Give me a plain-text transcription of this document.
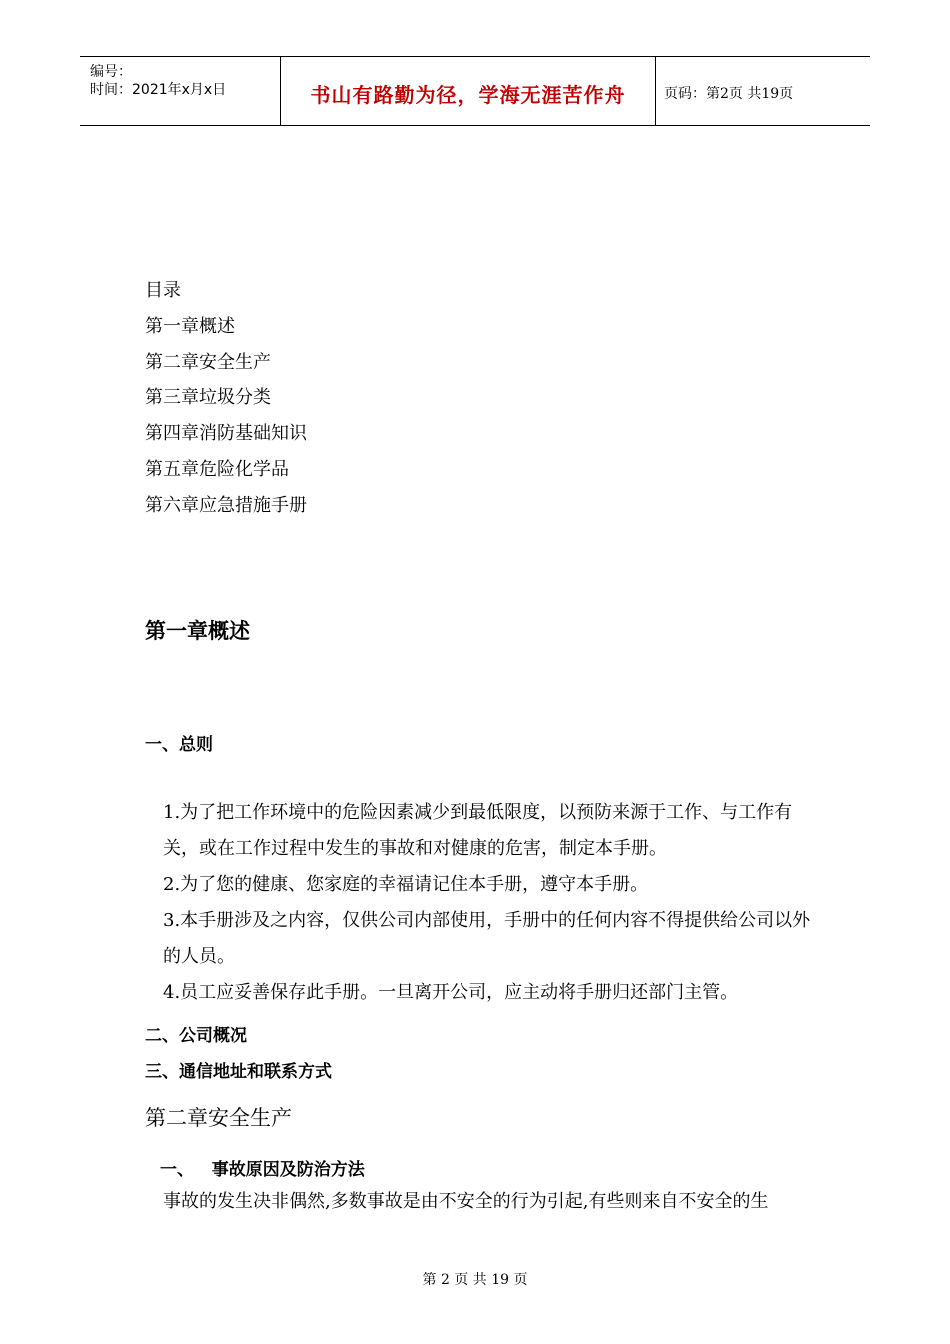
编号：
时间：2021年x月x日	书山有路勤为径，学海无涯苦作舟	页码：第2页 共19页
目录
第一章概述
第二章安全生产
第三章垃圾分类
第四章消防基础知识
第五章危险化学品
第六章应急措施手册
第一章概述
一、总则
1.为了把工作环境中的危险因素减少到最低限度，以预防来源于工作、与工作有关，或在工作过程中发生的事故和对健康的危害，制定本手册。
2.为了您的健康、您家庭的幸福请记住本手册，遵守本手册。
3.本手册涉及之内容，仅供公司内部使用，手册中的任何内容不得提供给公司以外的人员。
4.员工应妥善保存此手册。一旦离开公司，应主动将手册归还部门主管。
二、公司概况
三、通信地址和联系方式
第二章安全生产
一、   事故原因及防治方法
事故的发生决非偶然,多数事故是由不安全的行为引起,有些则来自不安全的生
第 2 页 共 19 页
